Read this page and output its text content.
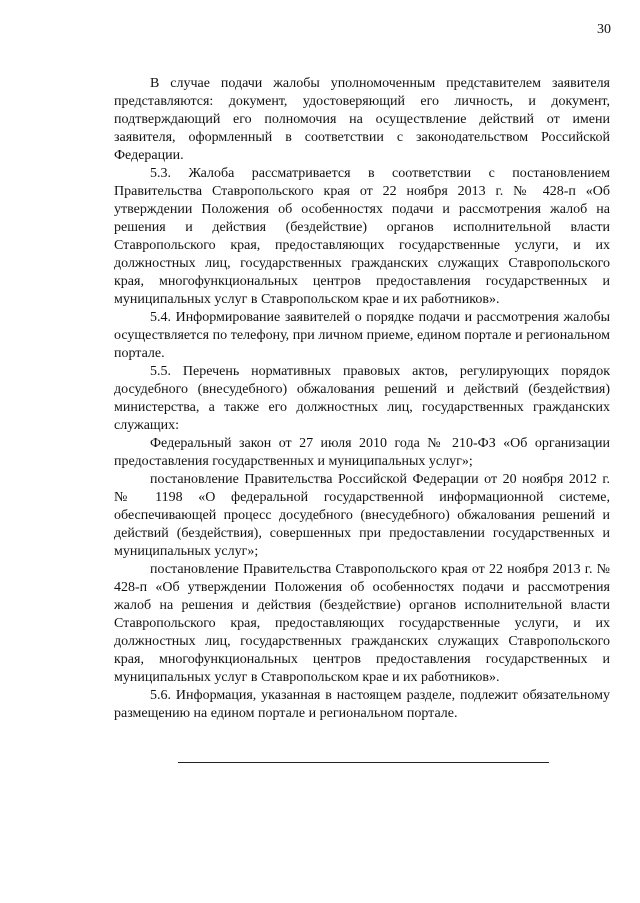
30

В случае подачи жалобы уполномоченным представителем заявителя представляются: документ, удостоверяющий его личность, и документ, подтверждающий его полномочия на осуществление действий от имени заявителя, оформленный в соответствии с законодательством Российской Федерации.

5.3. Жалоба рассматривается в соответствии с постановлением Правительства Ставропольского края от 22 ноября 2013 г. № 428-п «Об утверждении Положения об особенностях подачи и рассмотрения жалоб на решения и действия (бездействие) органов исполнительной власти Ставропольского края, предоставляющих государственные услуги, и их должностных лиц, государственных гражданских служащих Ставропольского края, многофункциональных центров предоставления государственных и муниципальных услуг в Ставропольском крае и их работников».

5.4. Информирование заявителей о порядке подачи и рассмотрения жалобы осуществляется по телефону, при личном приеме, едином портале и региональном портале.

5.5. Перечень нормативных правовых актов, регулирующих порядок досудебного (внесудебного) обжалования решений и действий (бездействия) министерства, а также его должностных лиц, государственных гражданских служащих:

Федеральный закон от 27 июля 2010 года № 210-ФЗ «Об организации предоставления государственных и муниципальных услуг»;

постановление Правительства Российской Федерации от 20 ноября 2012 г. № 1198 «О федеральной государственной информационной системе, обеспечивающей процесс досудебного (внесудебного) обжалования решений и действий (бездействия), совершенных при предоставлении государственных и муниципальных услуг»;

постановление Правительства Ставропольского края от 22 ноября 2013 г. № 428-п «Об утверждении Положения об особенностях подачи и рассмотрения жалоб на решения и действия (бездействие) органов исполнительной власти Ставропольского края, предоставляющих государственные услуги, и их должностных лиц, государственных гражданских служащих Ставропольского края, многофункциональных центров предоставления государственных и муниципальных услуг в Ставропольском крае и их работников».

5.6. Информация, указанная в настоящем разделе, подлежит обязательному размещению на едином портале и региональном портале.
